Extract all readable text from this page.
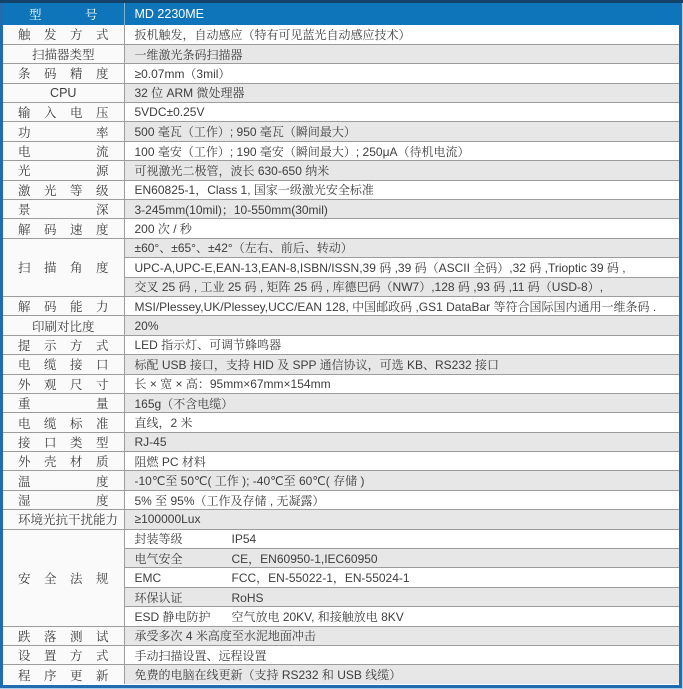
型号	MD 2230ME
触发方式	扳机触发，自动感应（特有可见蓝光自动感应技术）
扫描器类型	一维激光条码扫描器
条码精度	≥0.07mm（3mil）
CPU	32 位 ARM 微处理器
输入电压	5VDC±0.25V
功率	500 毫瓦（工作）; 950 毫瓦（瞬间最大）
电流	100 毫安（工作）; 190 毫安（瞬间最大）; 250μA（待机电流）
光源	可视激光二极管，波长 630-650 纳米
激光等级	EN60825-1，Class 1, 国家一级激光安全标准
景深	3-245mm(10mil)；10-550mm(30mil)
解码速度	200 次 / 秒
扫描角度	±60°、±65°、±42°（左右、前后、转动）
	UPC-A,UPC-E,EAN-13,EAN-8,ISBN/ISSN,39 码 ,39 码（ASCII 全码）,32 码 ,Trioptic 39 码 ,
	交叉 25 码 , 工业 25 码 , 矩阵 25 码 , 库德巴码（NW7）,128 码 ,93 码 ,11 码（USD-8）,
解码能力	MSI/Plessey,UK/Plessey,UCC/EAN 128, 中国邮政码 ,GS1 DataBar 等符合国际国内通用一维条码 .
印刷对比度	20%
提示方式	LED 指示灯、可调节蜂鸣器
电缆接口	标配 USB 接口，支持 HID 及 SPP 通信协议，可选 KB、RS232 接口
外观尺寸	长 × 宽 × 高：95mm×67mm×154mm
重量	165g（不含电缆）
电缆标准	直线，2 米
接口类型	RJ-45
外壳材质	阻燃 PC 材料
温度	-10℃至 50℃( 工作 ); -40℃至 60℃( 存储 )
湿度	5% 至 95%（工作及存储 , 无凝露）
环境光抗干扰能力	≥100000Lux
安全法规	封装等级 IP54
	电气安全 CE，EN60950-1,IEC60950
	EMC FCC，EN-55022-1，EN-55024-1
	环保认证 RoHS
	ESD 静电防护 空气放电 20KV, 和接触放电 8KV
跌落测试	承受多次 4 米高度至水泥地面冲击
设置方式	手动扫描设置、远程设置
程序更新	免费的电脑在线更新（支持 RS232 和 USB 线缆）
